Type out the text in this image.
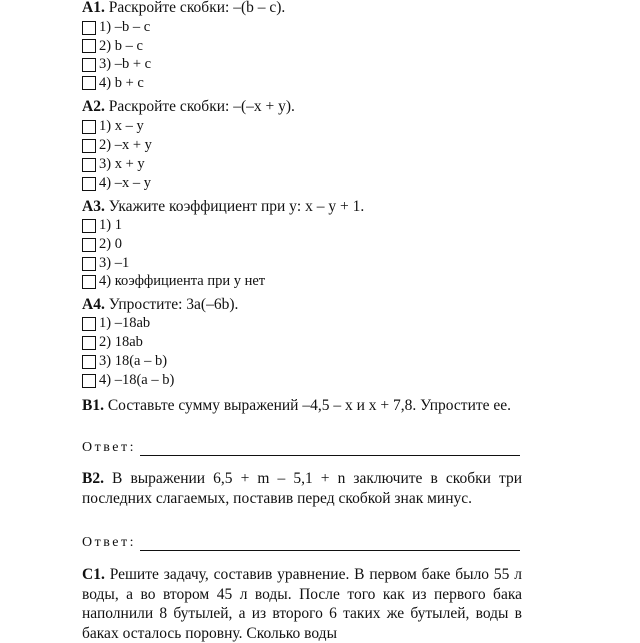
A1. Раскройте скобки: –(b – c).
1) –b – c
2) b – c
3) –b + c
4) b + c
A2. Раскройте скобки: –(–x + y).
1) x – y
2) –x + y
3) x + y
4) –x – y
A3. Укажите коэффициент при y: x – y + 1.
1) 1
2) 0
3) –1
4) коэффициента при y нет
A4. Упростите: 3a(–6b).
1) –18ab
2) 18ab
3) 18(a – b)
4) –18(a – b)
B1. Составьте сумму выражений –4,5 – x и x + 7,8. Упростите ее.
Ответ:
B2. В выражении 6,5 + m – 5,1 + n заключите в скобки три последних слагаемых, поставив перед скобкой знак минус.
Ответ:
C1. Решите задачу, составив уравнение. В первом баке было 55 л воды, а во втором 45 л воды. После того как из первого бака наполнили 8 бутылей, а из второго 6 таких же бутылей, воды в баках осталось поровну. Сколько воды
